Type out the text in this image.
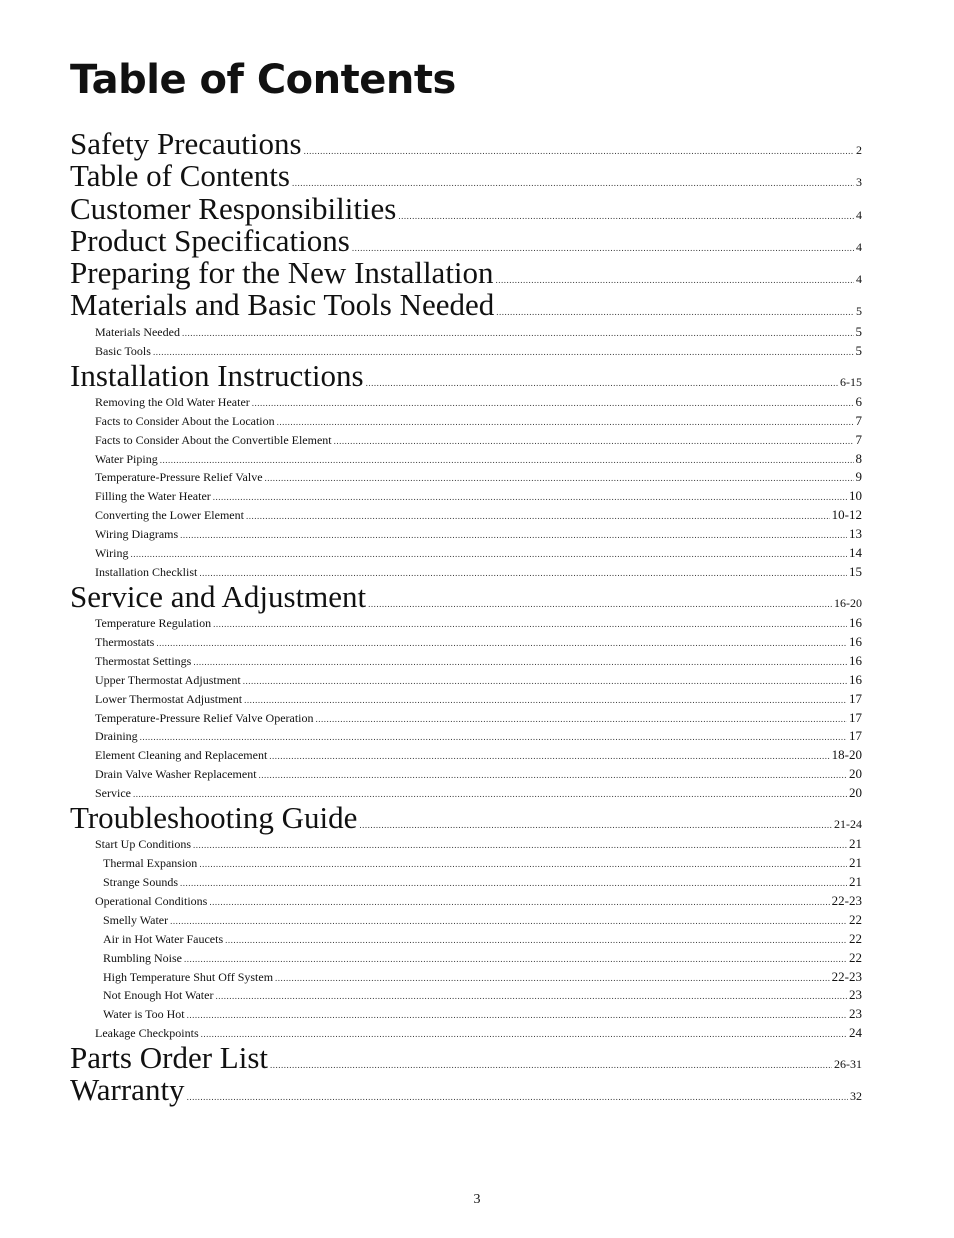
Table of Contents
Safety Precautions .....	2
Table of Contents .....	3
Customer Responsibilities .....	4
Product Specifications .....	4
Preparing for the New Installation .....	4
Materials and Basic Tools Needed .....	5
Materials Needed .....	5
Basic Tools .....	5
Installation Instructions .....	6-15
Removing the Old Water Heater .....	6
Facts to Consider About the Location .....	7
Facts to Consider About the Convertible Element .....	7
Water Piping .....	8
Temperature-Pressure Relief Valve .....	9
Filling the Water Heater .....	10
Converting the Lower Element .....	10-12
Wiring Diagrams .....	13
Wiring .....	14
Installation Checklist .....	15
Service and Adjustment .....	16-20
Temperature Regulation .....	16
Thermostats .....	16
Thermostat Settings .....	16
Upper Thermostat Adjustment .....	16
Lower Thermostat Adjustment .....	17
Temperature-Pressure Relief Valve Operation .....	17
Draining .....	17
Element Cleaning and Replacement .....	18-20
Drain Valve Washer Replacement .....	20
Service .....	20
Troubleshooting Guide .....	21-24
Start Up Conditions .....	21
Thermal Expansion .....	21
Strange Sounds .....	21
Operational Conditions .....	22-23
Smelly Water .....	22
Air in Hot Water Faucets .....	22
Rumbling Noise .....	22
High Temperature Shut Off System .....	22-23
Not Enough Hot Water .....	23
Water is Too Hot .....	23
Leakage Checkpoints .....	24
Parts Order List .....	26-31
Warranty .....	32
3
